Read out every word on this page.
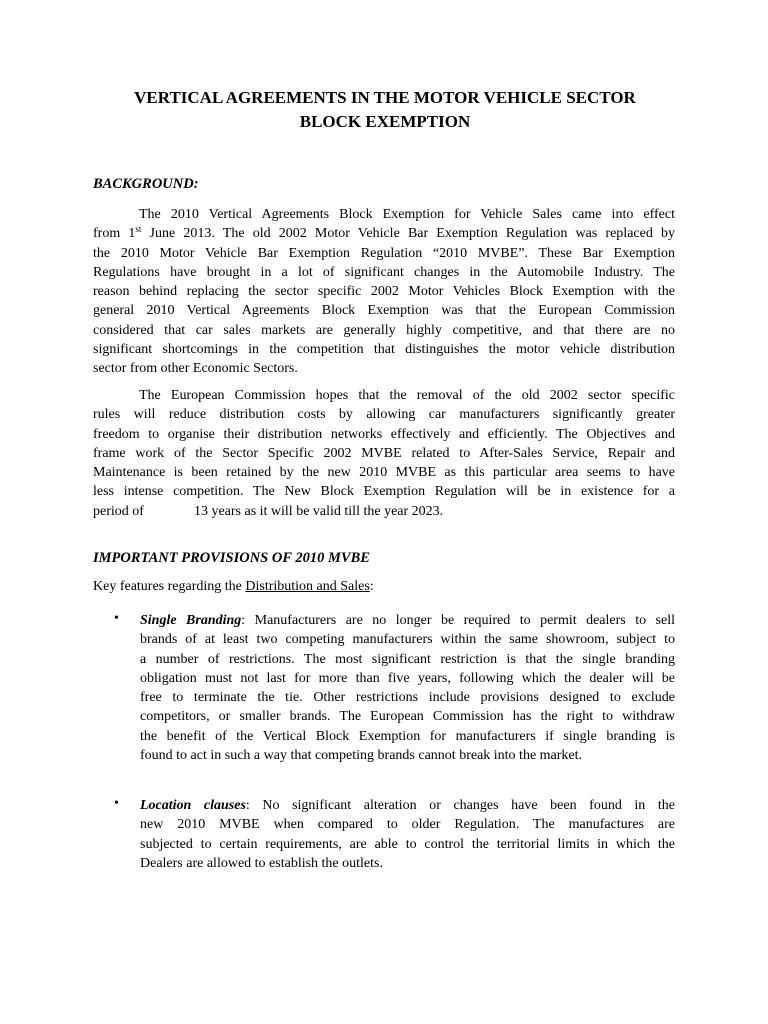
VERTICAL AGREEMENTS IN THE MOTOR VEHICLE SECTOR
BLOCK EXEMPTION
BACKGROUND:
The 2010 Vertical Agreements Block Exemption for Vehicle Sales came into effect
from 1st June 2013. The old 2002 Motor Vehicle Bar Exemption Regulation was replaced by
the 2010 Motor Vehicle Bar Exemption Regulation “2010 MVBE”. These Bar Exemption
Regulations have brought in a lot of significant changes in the Automobile Industry. The
reason behind replacing the sector specific 2002 Motor Vehicles Block Exemption with the
general 2010 Vertical Agreements Block Exemption was that the European Commission
considered that car sales markets are generally highly competitive, and that there are no
significant shortcomings in the competition that distinguishes the motor vehicle distribution
sector from other Economic Sectors.
The European Commission hopes that the removal of the old 2002 sector specific
rules will reduce distribution costs by allowing car manufacturers significantly greater
freedom to organise their distribution networks effectively and efficiently. The Objectives and
frame work of the Sector Specific 2002 MVBE related to After-Sales Service, Repair and
Maintenance is been retained by the new 2010 MVBE as this particular area seems to have
less intense competition. The New Block Exemption Regulation will be in existence for a
period of	13 years as it will be valid till the year 2023.
IMPORTANT PROVISIONS OF 2010 MVBE
Key features regarding the Distribution and Sales:
• Single Branding: Manufacturers are no longer be required to permit dealers to sell
brands of at least two competing manufacturers within the same showroom, subject to
a number of restrictions. The most significant restriction is that the single branding
obligation must not last for more than five years, following which the dealer will be
free to terminate the tie. Other restrictions include provisions designed to exclude
competitors, or smaller brands. The European Commission has the right to withdraw
the benefit of the Vertical Block Exemption for manufacturers if single branding is
found to act in such a way that competing brands cannot break into the market.
• Location clauses: No significant alteration or changes have been found in the
new 2010 MVBE when compared to older Regulation. The manufactures are
subjected to certain requirements, are able to control the territorial limits in which the
Dealers are allowed to establish the outlets.
